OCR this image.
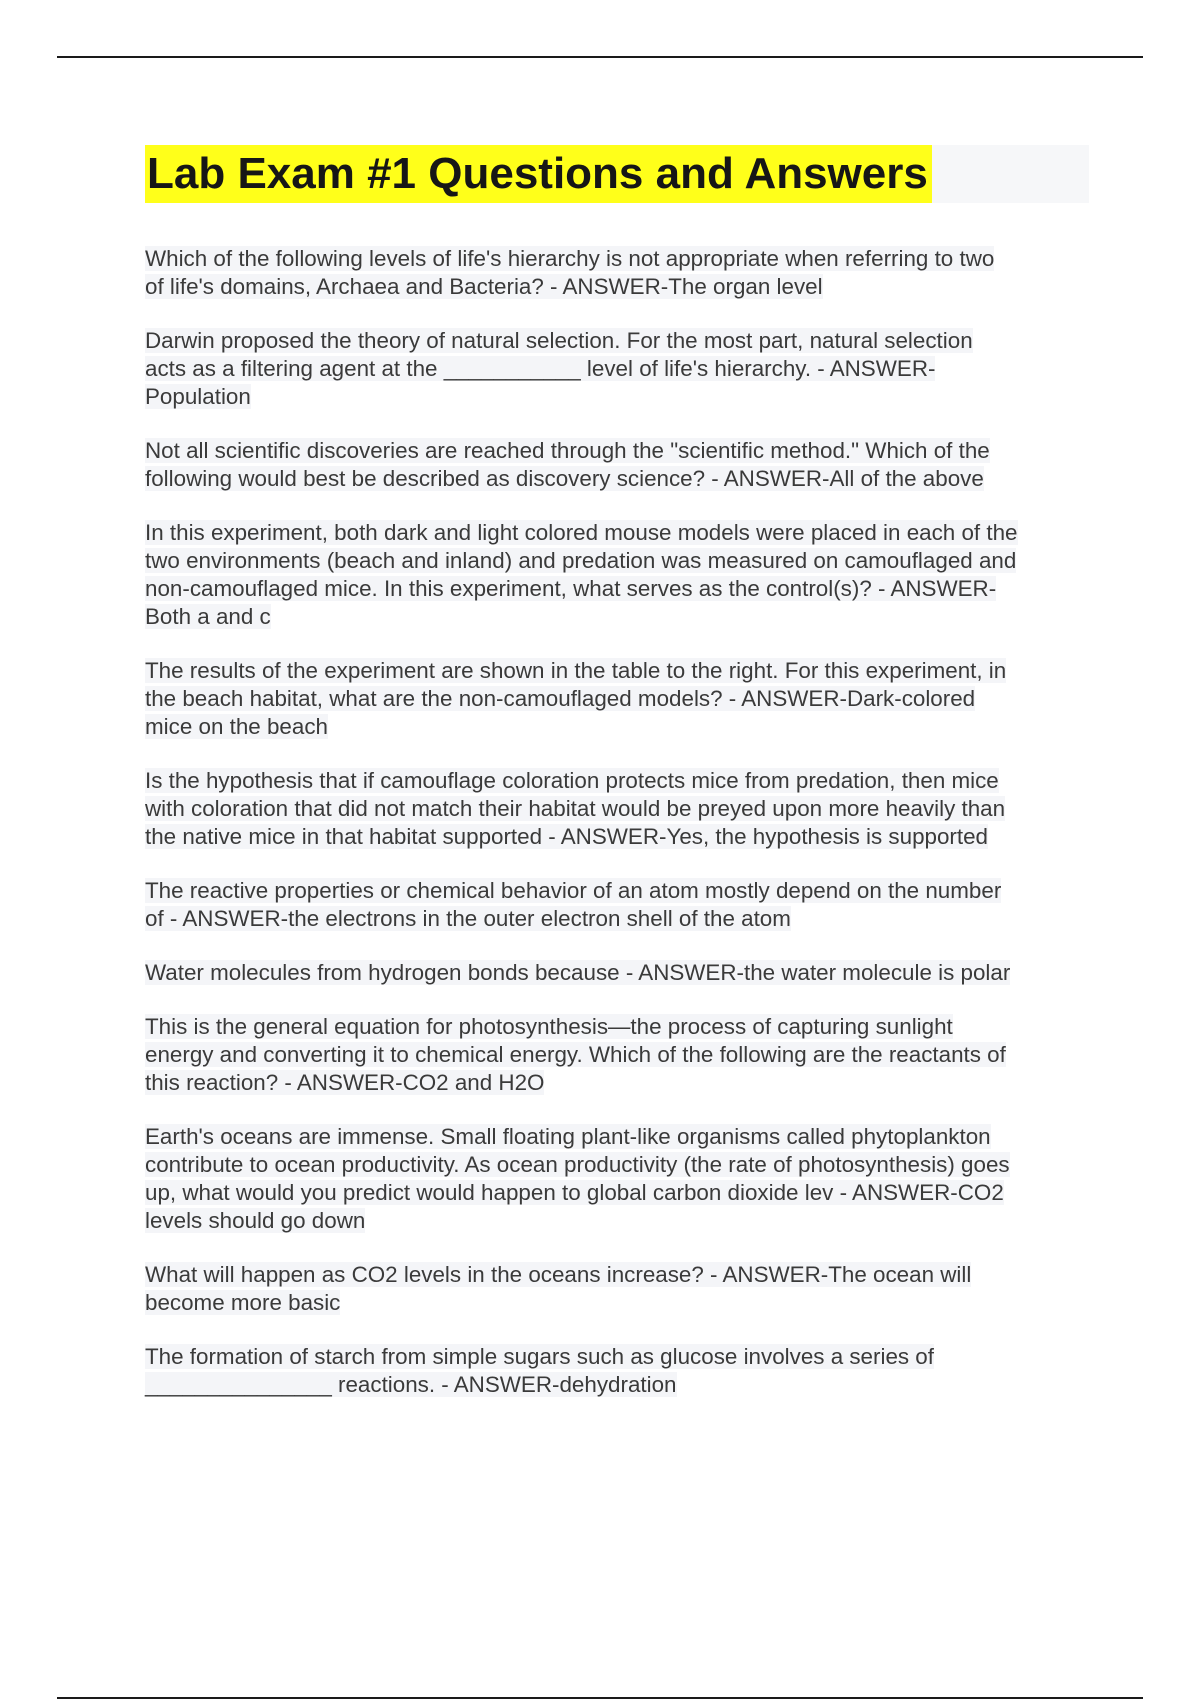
Lab Exam #1 Questions and Answers
Which of the following levels of life's hierarchy is not appropriate when referring to two
of life's domains, Archaea and Bacteria? - ANSWER-The organ level
Darwin proposed the theory of natural selection. For the most part, natural selection
acts as a filtering agent at the ___________ level of life's hierarchy. - ANSWER-
Population
Not all scientific discoveries are reached through the "scientific method." Which of the
following would best be described as discovery science? - ANSWER-All of the above
In this experiment, both dark and light colored mouse models were placed in each of the
two environments (beach and inland) and predation was measured on camouflaged and
non-camouflaged mice. In this experiment, what serves as the control(s)? - ANSWER-
Both a and c
The results of the experiment are shown in the table to the right. For this experiment, in
the beach habitat, what are the non-camouflaged models? - ANSWER-Dark-colored
mice on the beach
Is the hypothesis that if camouflage coloration protects mice from predation, then mice
with coloration that did not match their habitat would be preyed upon more heavily than
the native mice in that habitat supported - ANSWER-Yes, the hypothesis is supported
The reactive properties or chemical behavior of an atom mostly depend on the number
of - ANSWER-the electrons in the outer electron shell of the atom
Water molecules from hydrogen bonds because - ANSWER-the water molecule is polar
This is the general equation for photosynthesis—the process of capturing sunlight
energy and converting it to chemical energy. Which of the following are the reactants of
this reaction? - ANSWER-CO2 and H2O
Earth's oceans are immense. Small floating plant-like organisms called phytoplankton
contribute to ocean productivity. As ocean productivity (the rate of photosynthesis) goes
up, what would you predict would happen to global carbon dioxide lev - ANSWER-CO2
levels should go down
What will happen as CO2 levels in the oceans increase? - ANSWER-The ocean will
become more basic
The formation of starch from simple sugars such as glucose involves a series of
_______________ reactions. - ANSWER-dehydration
